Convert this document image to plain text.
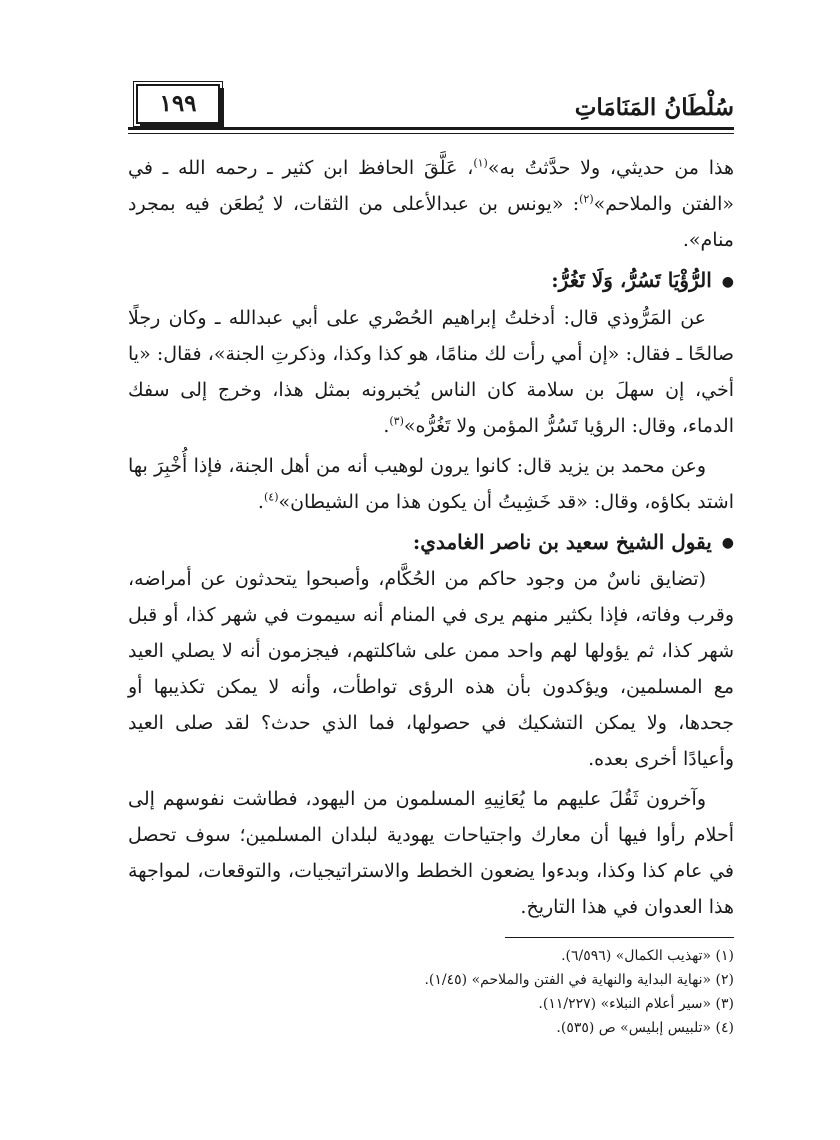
سُلْطَانُ المَنَامَاتِ
١٩٩

هذا من حديثي، ولا حدَّثتُ به»$^{(١)}$، عَلَّقَ الحافظ ابن كثير ـ رحمه الله ـ في «الفتن والملاحم»$^{(٢)}$: «يونس بن عبدالأعلى من الثقات، لا يُطعَن فيه بمجرد منام».

●الرُّؤْيَا تَسُرُّ، وَلَا تَغُرُّ:

عن المَرُّوذي قال: أدخلتُ إبراهيم الحُصْري على أبي عبدالله ـ وكان رجلًا صالحًا ـ فقال: «إن أمي رأت لك منامًا، هو كذا وكذا، وذكرتِ الجنة»، فقال: «يا أخي، إن سهلَ بن سلامة كان الناس يُخبرونه بمثل هذا، وخرج إلى سفك الدماء، وقال: الرؤيا تَسُرُّ المؤمن ولا تَغُرُّه»$^{(٣)}$.

وعن محمد بن يزيد قال: كانوا يرون لوهيب أنه من أهل الجنة، فإذا أُخْبِرَ بها اشتد بكاؤه، وقال: «قد خَشِيتُ أن يكون هذا من الشيطان»$^{(٤)}$.

●يقول الشيخ سعيد بن ناصر الغامدي:

(تضايق ناسٌ من وجود حاكم من الحُكَّام، وأصبحوا يتحدثون عن أمراضه، وقرب وفاته، فإذا بكثير منهم يرى في المنام أنه سيموت في شهر كذا، أو قبل شهر كذا، ثم يؤولها لهم واحد ممن على شاكلتهم، فيجزمون أنه لا يصلي العيد مع المسلمين، ويؤكدون بأن هذه الرؤى تواطأت، وأنه لا يمكن تكذيبها أو جحدها، ولا يمكن التشكيك في حصولها، فما الذي حدث؟ لقد صلى العيد وأعيادًا أخرى بعده.

وآخرون ثَقُلَ عليهم ما يُعَانِيهِ المسلمون من اليهود، فطاشت نفوسهم إلى أحلام رأوا فيها أن معارك واجتياحات يهودية لبلدان المسلمين؛ سوف تحصل في عام كذا وكذا، وبدءوا يضعون الخطط والاستراتيجيات، والتوقعات، لمواجهة هذا العدوان في هذا التاريخ.

(١) «تهذيب الكمال» (٦/٥٩٦).
(٢) «نهاية البداية والنهاية في الفتن والملاحم» (١/٤٥).
(٣) «سير أعلام النبلاء» (١١/٢٢٧).
(٤) «تلبيس إبليس» ص (٥٣٥).
